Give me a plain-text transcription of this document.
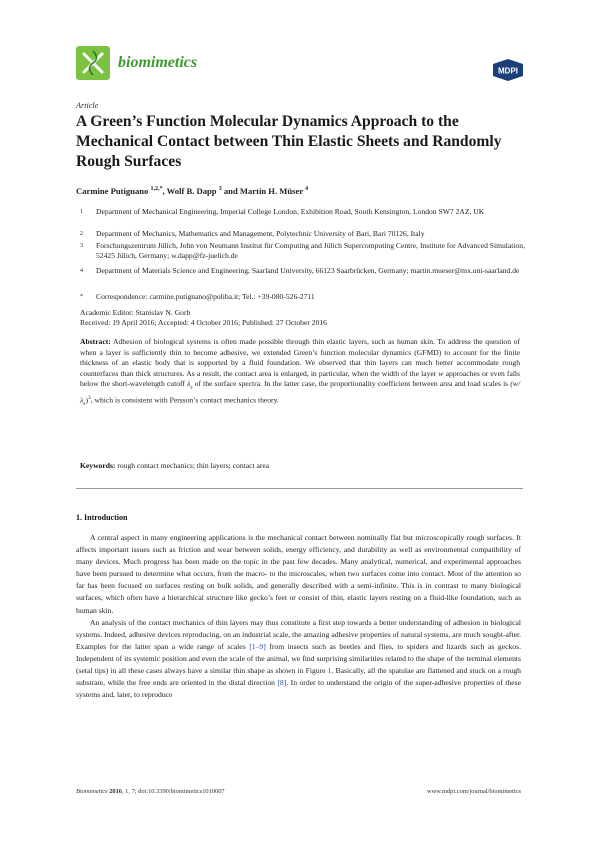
biomimetics	MDPI
Article
A Green’s Function Molecular Dynamics Approach to the Mechanical Contact between Thin Elastic Sheets and Randomly Rough Surfaces
Carmine Putignano $^{1,2,*}$, Wolf B. Dapp $^3$ and Martin H. Müser $^4$
1 Department of Mechanical Engineering, Imperial College London, Exhibition Road, South Kensington, London SW7 2AZ, UK
2 Department of Mechanics, Mathematics and Management, Polytechnic University of Bari, Bari 70126, Italy
3 Forschungszentrum Jülich, John von Neumann Institut für Computing and Jülich Supercomputing Centre, Institute for Advanced Simulation, 52425 Jülich, Germany; w.dapp@fz-juelich.de
4 Department of Materials Science and Engineering, Saarland University, 66123 Saarbrücken, Germany; martin.mueser@mx.uni-saarland.de
* Correspondence: carmine.putignano@poliba.it; Tel.: +39-080-526-2711
Academic Editor: Stanislav N. Gorb
Received: 19 April 2016; Accepted: 4 October 2016; Published: 27 October 2016
Abstract: Adhesion of biological systems is often made possible through thin elastic layers, such as human skin. To address the question of when a layer is sufficiently thin to become adhesive, we extended Green’s function molecular dynamics (GFMD) to account for the finite thickness of an elastic body that is supported by a fluid foundation. We observed that thin layers can much better accommodate rough counterfaces than thick structures. As a result, the contact area is enlarged, in particular, when the width of the layer w approaches or even falls below the short-wavelength cutoff $\lambda_s$ of the surface spectra. In the latter case, the proportionality coefficient between area and load scales is $(w/\lambda_s)^3$, which is consistent with Persson’s contact mechanics theory.
Keywords: rough contact mechanics; thin layers; contact area
1. Introduction

A central aspect in many engineering applications is the mechanical contact between nominally flat but microscopically rough surfaces. It affects important issues such as friction and wear between solids, energy efficiency, and durability as well as environmental compatibility of many devices. Much progress has been made on the topic in the past few decades. Many analytical, numerical, and experimental approaches have been pursued to determine what occurs, from the macro- to the microscales, when two surfaces come into contact. Most of the attention so far has been focused on surfaces resting on bulk solids, and generally described with a semi-infinite. This is in contrast to many biological surfaces, which often have a hierarchical structure like gecko’s feet or consist of thin, elastic layers resting on a fluid-like foundation, such as human skin.

An analysis of the contact mechanics of thin layers may thus constitute a first step towards a better understanding of adhesion in biological systems. Indeed, adhesive devices reproducing, on an industrial scale, the amazing adhesive properties of natural systems, are much sought-after. Examples for the latter span a wide range of scales [1–9] from insects such as beetles and flies, to spiders and lizards such as geckos. Independent of its systemic position and even the scale of the animal, we find surprising similarities related to the shape of the terminal elements (setal tips) in all these cases always have a similar thin shape as shown in Figure 1. Basically, all the spatulae are flattened and stuck on a rough substrate, while the free ends are oriented in the distal direction [8]. In order to understand the origin of the super-adhesive properties of these systems and, later, to reproduce

Biomimetics 2016, 1, 7; doi:10.3390/biomimetics1010007	www.mdpi.com/journal/biomimetics
